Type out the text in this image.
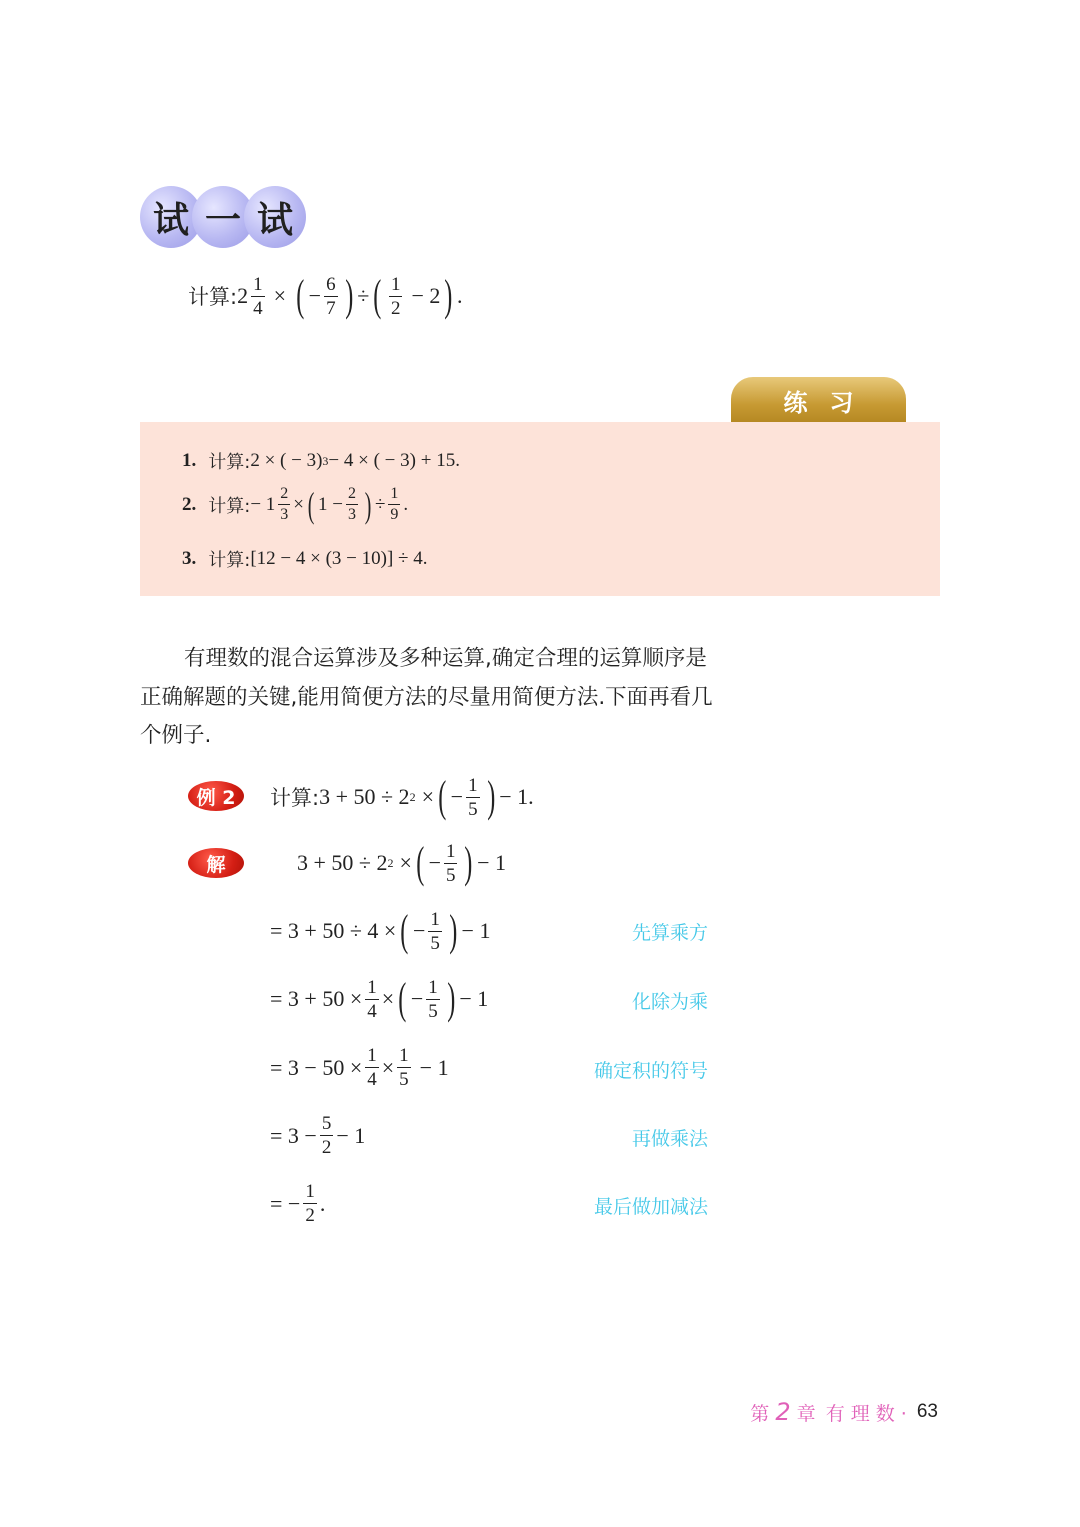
试 一 试
计算: $2 \frac{1}{4}$ × ( − $\frac{6}{7}$ ) ÷ ( $\frac{1}{2} - 2$ ) .
练习
1. 计算: 2 × ( − 3) 3 − 4 × ( − 3) + 15.
2. 计算: − $1 \frac{2}{3}$ × ( $1 - \frac{2}{3}$ ) ÷ $\frac{1}{9}$ .
3. 计算: [12 − 4 × (3 − 10)] ÷ 4.
有理数的混合运算涉及多种运算,确定合理的运算顺序是正确解题的关键,能用简便方法的尽量用简便方法.下面再看几个例子.
例 2	计算: 3 + 50 ÷ 2 2 × ( − $\frac{1}{5}$ ) − 1.
解	3 + 50 ÷ 2 2 × ( − $\frac{1}{5}$ ) − 1
= 3 + 50 ÷ 4 × ( − $\frac{1}{5}$ ) − 1	先算乘方
= $3 + 50 \times \frac{1}{4}$ × ( − $\frac{1}{5}$ ) − 1	化除为乘
= $3 - 50 \times \frac{1}{4} \times \frac{1}{5} - 1$	确定积的符号
= $3 - \frac{5}{2} - 1$	再做乘法
= − $\frac{1}{2}$ .	最后做加减法
第 2 章 有 理 数 · 63
